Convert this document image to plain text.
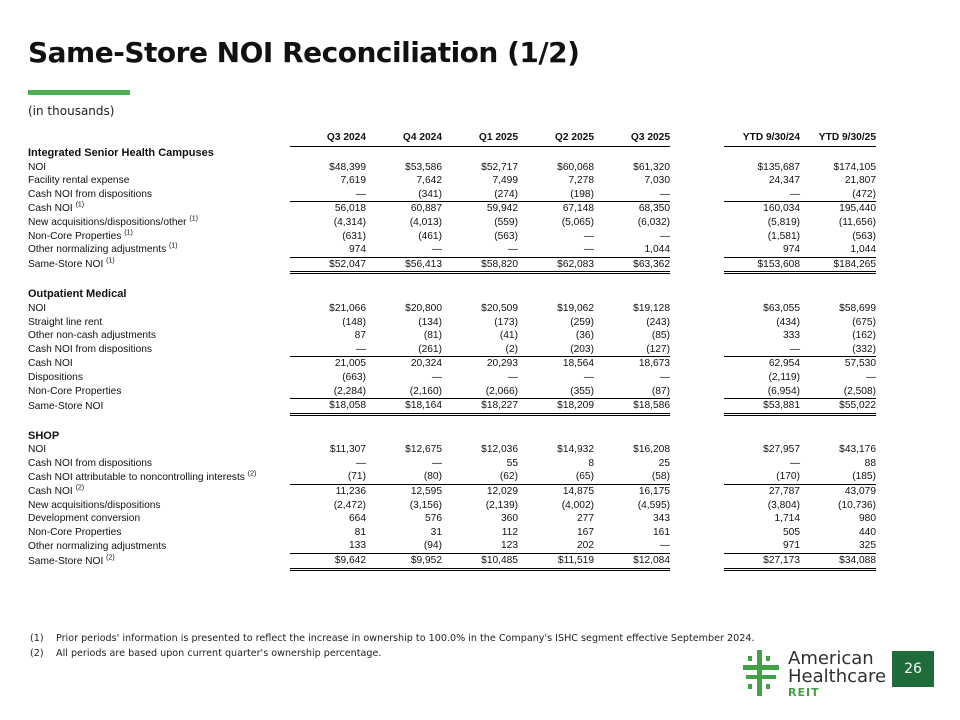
Same-Store NOI Reconciliation (1/2)
(in thousands)
	Q3 2024	Q4 2024	Q1 2025	Q2 2025	Q3 2025		YTD 9/30/24	YTD 9/30/25
Integrated Senior Health Campuses								
NOI	$48,399	$53,586	$52,717	$60,068	$61,320		$135,687	$174,105
Facility rental expense	7,619	7,642	7,499	7,278	7,030		24,347	21,807
Cash NOI from dispositions	—	(341)	(274)	(198)	—		—	(472)
Cash NOI $^{(1)}$	56,018	60,887	59,942	67,148	68,350		160,034	195,440
New acquisitions/dispositions/other $^{(1)}$	(4,314)	(4,013)	(559)	(5,065)	(6,032)		(5,819)	(11,656)
Non-Core Properties $^{(1)}$	(631)	(461)	(563)	—	—		(1,581)	(563)
Other normalizing adjustments $^{(1)}$	974	—	—	—	1,044		974	1,044
Same-Store NOI $^{(1)}$	$52,047	$56,413	$58,820	$62,083	$63,362		$153,608	$184,265

Outpatient Medical								
NOI	$21,066	$20,800	$20,509	$19,062	$19,128		$63,055	$58,699
Straight line rent	(148)	(134)	(173)	(259)	(243)		(434)	(675)
Other non-cash adjustments	87	(81)	(41)	(36)	(85)		333	(162)
Cash NOI from dispositions	—	(261)	(2)	(203)	(127)		—	(332)
Cash NOI	21,005	20,324	20,293	18,564	18,673		62,954	57,530
Dispositions	(663)	—	—	—	—		(2,119)	—
Non-Core Properties	(2,284)	(2,160)	(2,066)	(355)	(87)		(6,954)	(2,508)
Same-Store NOI	$18,058	$18,164	$18,227	$18,209	$18,586		$53,881	$55,022

SHOP								
NOI	$11,307	$12,675	$12,036	$14,932	$16,208		$27,957	$43,176
Cash NOI from dispositions	—	—	55	8	25		—	88
Cash NOI attributable to noncontrolling interests $^{(2)}$	(71)	(80)	(62)	(65)	(58)		(170)	(185)
Cash NOI $^{(2)}$	11,236	12,595	12,029	14,875	16,175		27,787	43,079
New acquisitions/dispositions	(2,472)	(3,156)	(2,139)	(4,002)	(4,595)		(3,804)	(10,736)
Development conversion	664	576	360	277	343		1,714	980
Non-Core Properties	81	31	112	167	161		505	440
Other normalizing adjustments	133	(94)	123	202	—		971	325
Same-Store NOI $^{(2)}$	$9,642	$9,952	$10,485	$11,519	$12,084		$27,173	$34,088
(1)	Prior periods' information is presented to reflect the increase in ownership to 100.0% in the Company's ISHC segment effective September 2024.
(2)	All periods are based upon current quarter's ownership percentage.	American
Healthcare
REIT
26
